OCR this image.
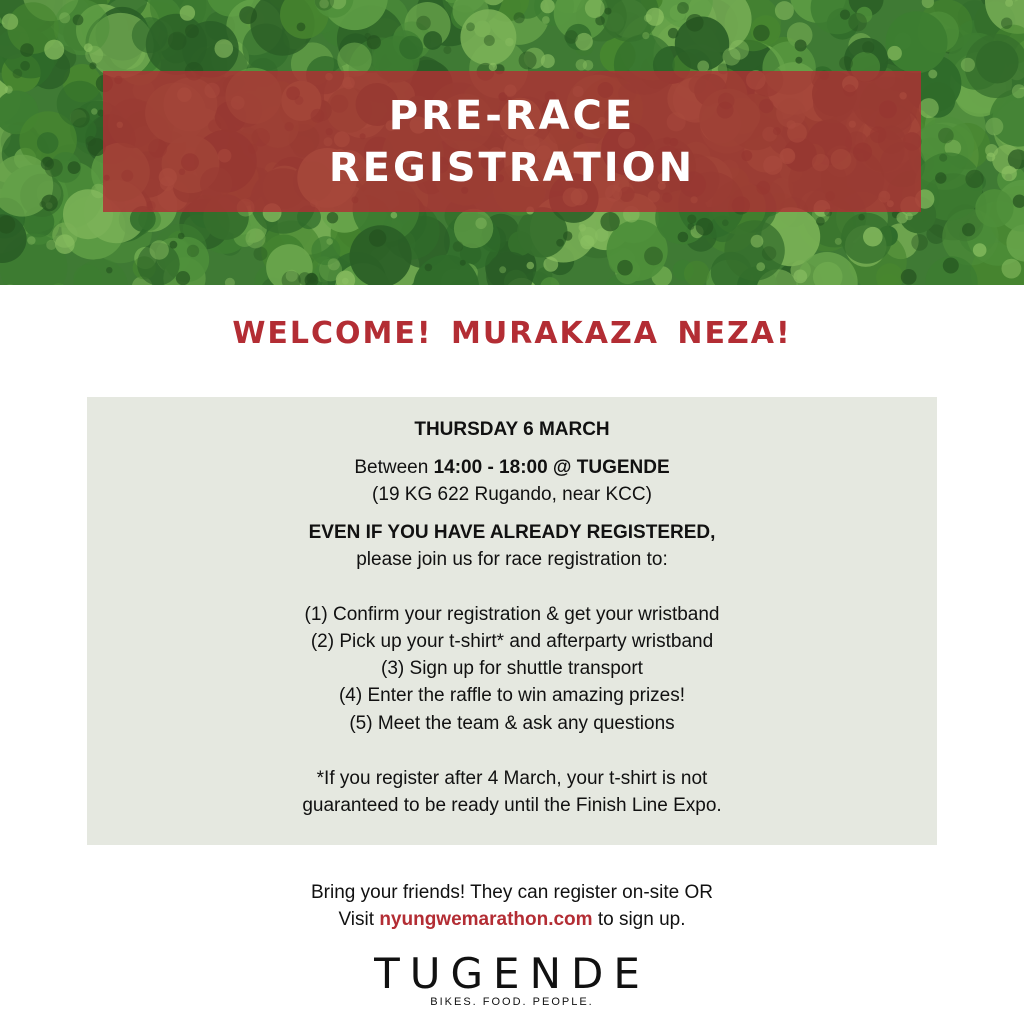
PRE-RACE
REGISTRATION
WELCOME! MURAKAZA NEZA!
THURSDAY 6 MARCH
Between 14:00 - 18:00 @ TUGENDE
(19 KG 622 Rugando, near KCC)
EVEN IF YOU HAVE ALREADY REGISTERED,
please join us for race registration to:
(1) Confirm your registration & get your wristband
(2) Pick up your t-shirt* and afterparty wristband
(3) Sign up for shuttle transport
(4) Enter the raffle to win amazing prizes!
(5) Meet the team & ask any questions
*If you register after 4 March, your t-shirt is not
guaranteed to be ready until the Finish Line Expo.
Bring your friends! They can register on-site OR
Visit nyungwemarathon.com to sign up.
TUGENDE
BIKES. FOOD. PEOPLE.
